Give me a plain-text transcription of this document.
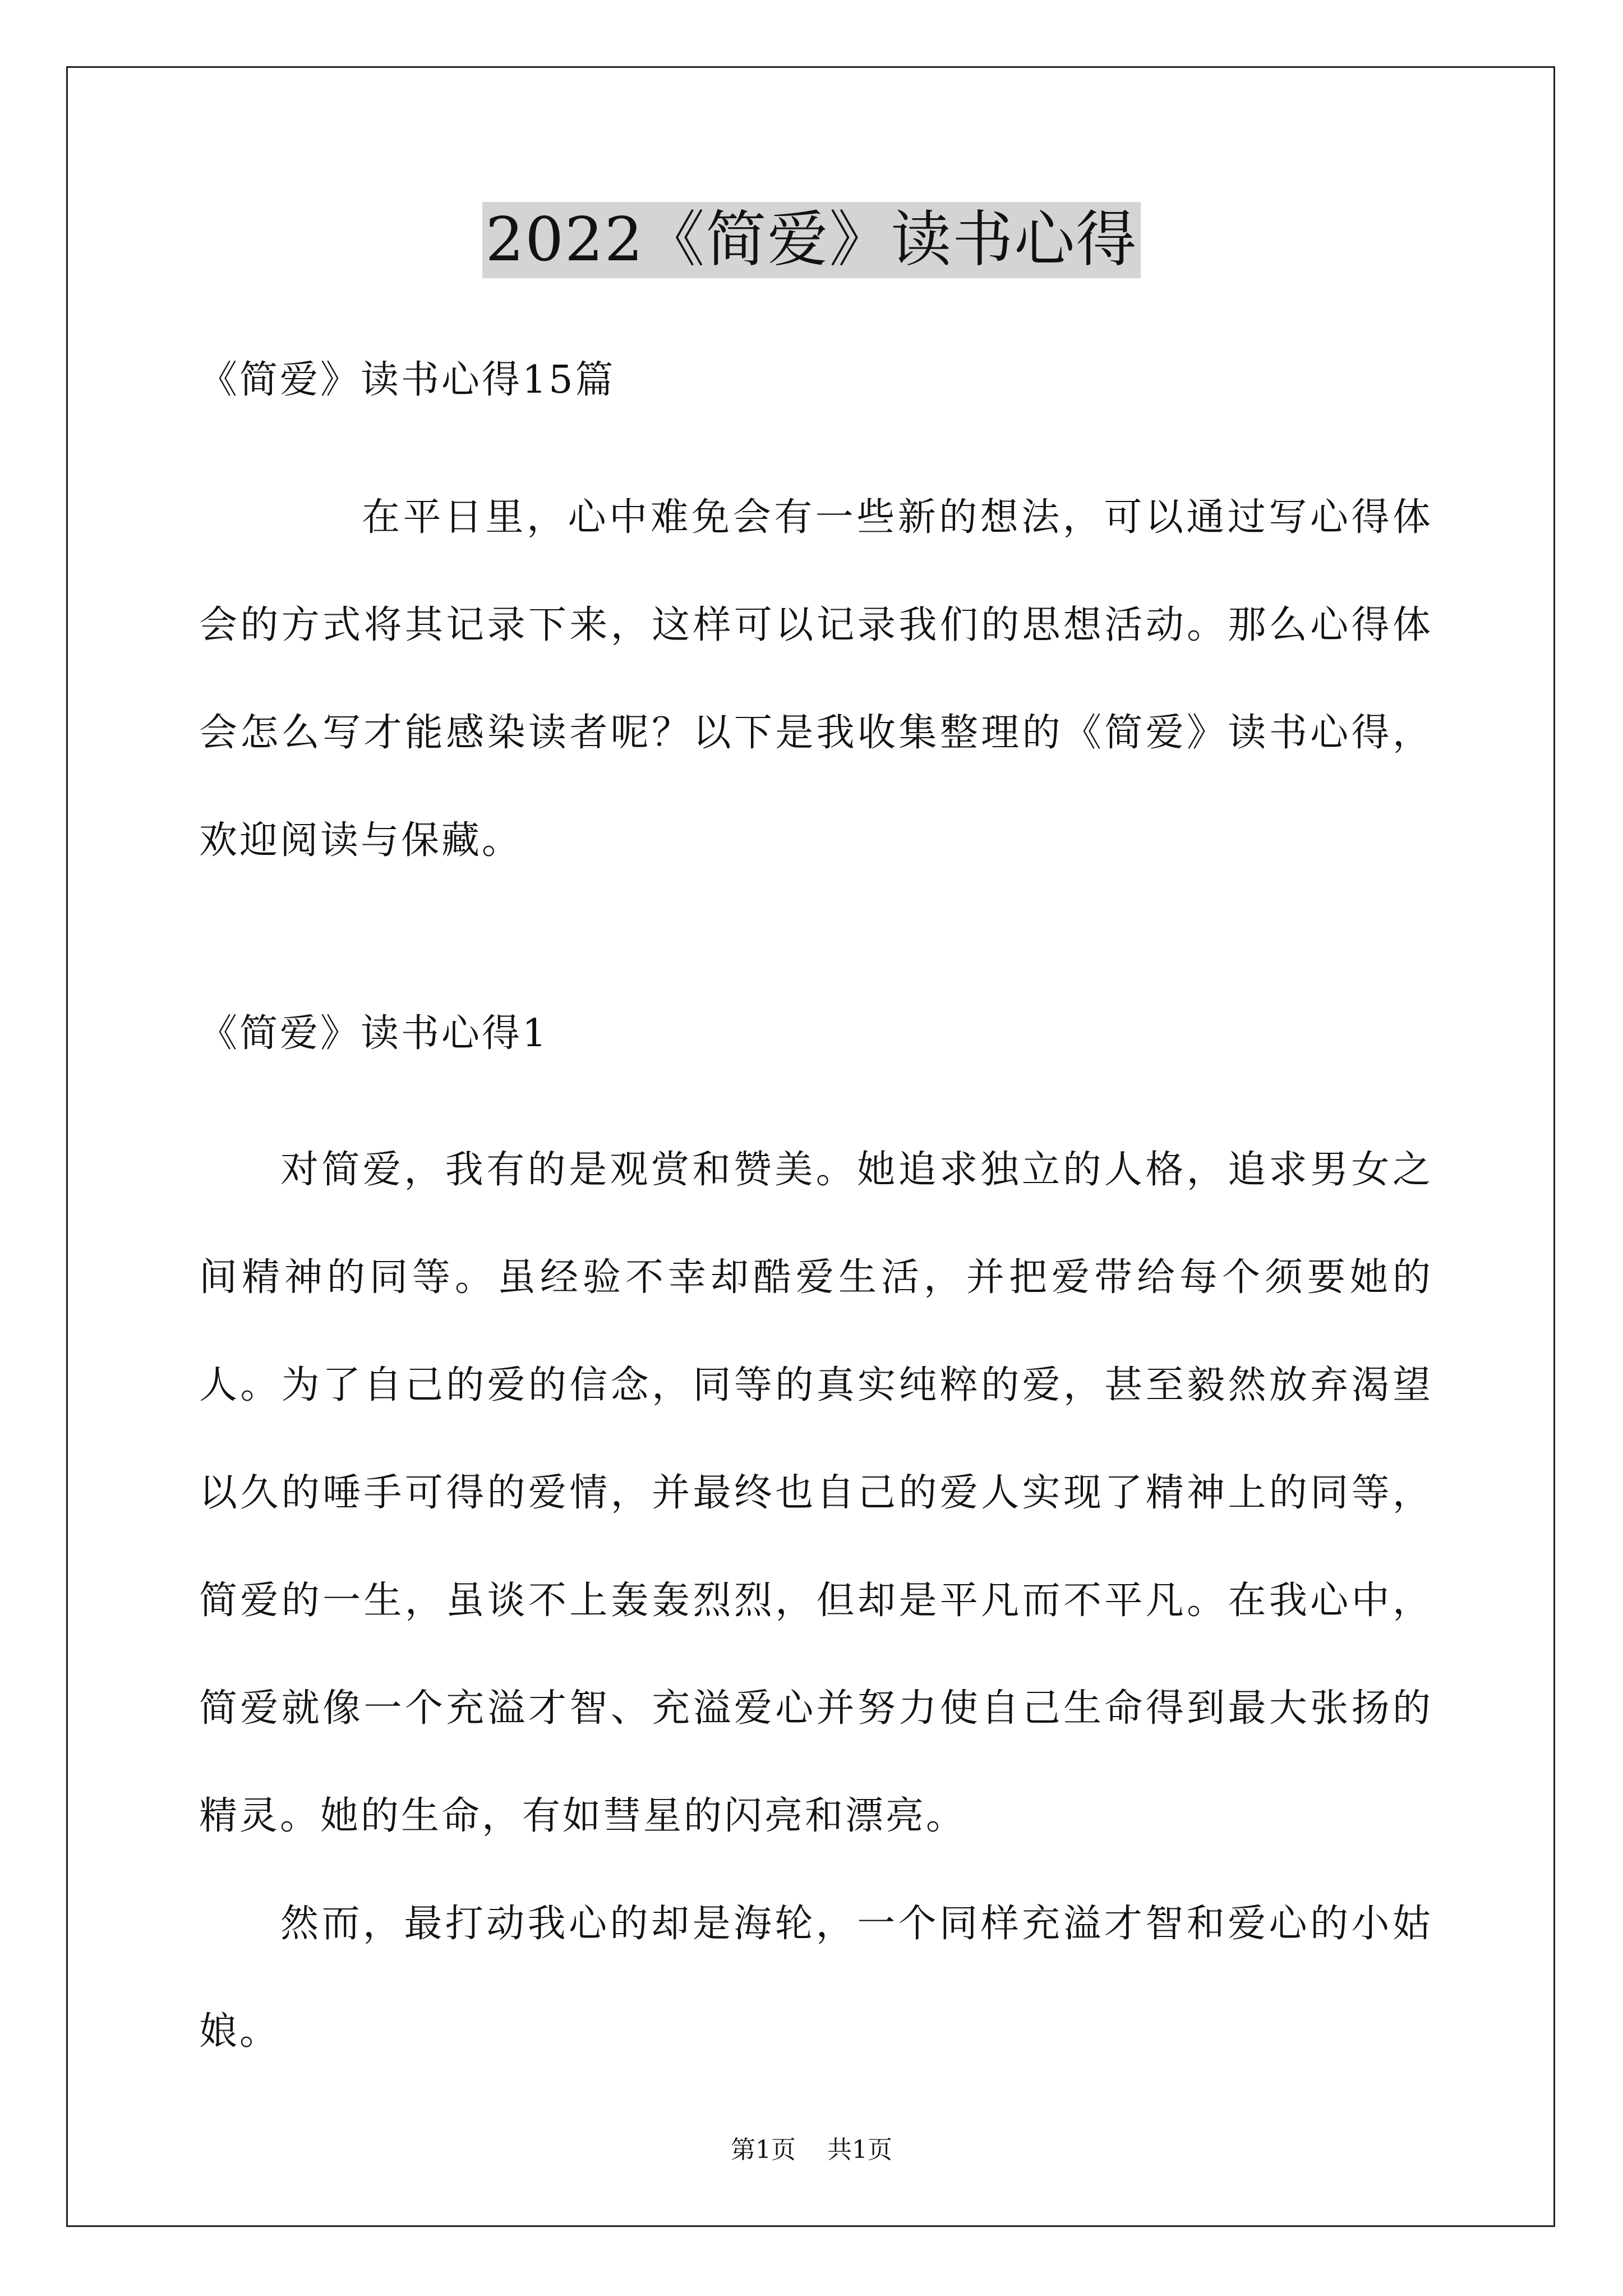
2022《简爱》读书心得

《简爱》读书心得15篇

在平日里，心中难免会有一些新的想法，可以通过写心得体会的方式将其记录下来，这样可以记录我们的思想活动。那么心得体会怎么写才能感染读者呢？以下是我收集整理的《简爱》读书心得，欢迎阅读与保藏。

《简爱》读书心得1

对简爱，我有的是观赏和赞美。她追求独立的人格，追求男女之间精神的同等。虽经验不幸却酷爱生活，并把爱带给每个须要她的人。为了自己的爱的信念，同等的真实纯粹的爱，甚至毅然放弃渴望以久的唾手可得的爱情，并最终也自己的爱人实现了精神上的同等，简爱的一生，虽谈不上轰轰烈烈，但却是平凡而不平凡。在我心中，简爱就像一个充溢才智、充溢爱心并努力使自己生命得到最大张扬的精灵。她的生命，有如彗星的闪亮和漂亮。

然而，最打动我心的却是海轮，一个同样充溢才智和爱心的小姑娘。

第1页 共1页
